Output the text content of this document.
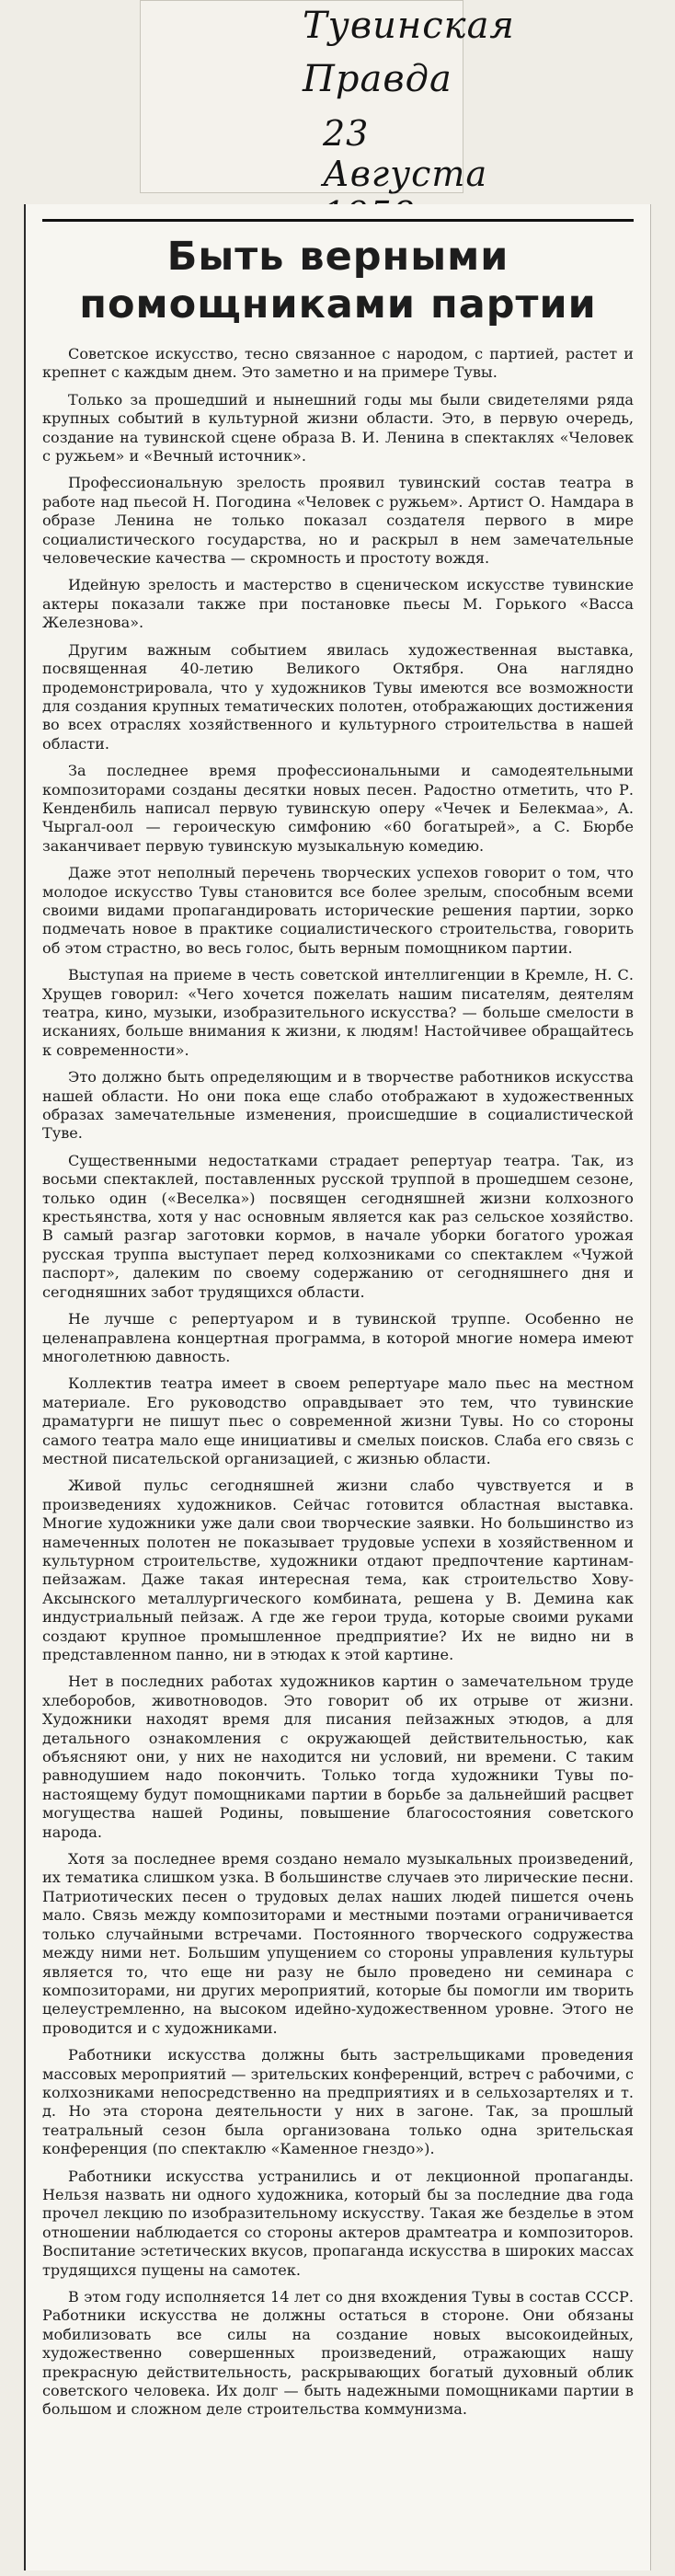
Тувинская
Правда
23 Августа
Быть верными
помощниками партии

Советское искусство, тесно связанное с народом, с партией, растет и крепнет с каждым днем. Это заметно и на примере Тувы.

Только за прошедший и нынешний годы мы были свидетелями ряда крупных событий в культурной жизни области. Это, в первую очередь, создание на тувинской сцене образа В. И. Ленина в спектаклях «Человек с ружьем» и «Вечный источник».

Профессиональную зрелость проявил тувинский состав театра в работе над пьесой Н. Погодина «Человек с ружьем». Артист О. Намдара в образе Ленина не только показал создателя первого в мире социалистического государства, но и раскрыл в нем замечательные человеческие качества — скромность и простоту вождя.

Идейную зрелость и мастерство в сценическом искусстве тувинские актеры показали также при постановке пьесы М. Горького «Васса Железнова».

Другим важным событием явилась художественная выставка, посвященная 40-летию Великого Октября. Она наглядно продемонстрировала, что у художников Тувы имеются все возможности для создания крупных тематических полотен, отображающих достижения во всех отраслях хозяйственного и культурного строительства в нашей области.

За последнее время профессиональными и самодеятельными композиторами созданы десятки новых песен. Радостно отметить, что Р. Кенденбиль написал первую тувинскую оперу «Чечек и Белекмаа», А. Чыргал-оол — героическую симфонию «60 богатырей», а С. Бюрбе заканчивает первую тувинскую музыкальную комедию.

Даже этот неполный перечень творческих успехов говорит о том, что молодое искусство Тувы становится все более зрелым, способным всеми своими видами пропагандировать исторические решения партии, зорко подмечать новое в практике социалистического строительства, говорить об этом страстно, во весь голос, быть верным помощником партии.

Выступая на приеме в честь советской интеллигенции в Кремле, Н. С. Хрущев говорил: «Чего хочется пожелать нашим писателям, деятелям театра, кино, музыки, изобразительного искусства? — больше смелости в исканиях, больше внимания к жизни, к людям! Настойчивее обращайтесь к современности».

Это должно быть определяющим и в творчестве работников искусства нашей области. Но они пока еще слабо отображают в художественных образах замечательные изменения, происшедшие в социалистической Туве.

Существенными недостатками страдает репертуар театра. Так, из восьми спектаклей, поставленных русской труппой в прошедшем сезоне, только один («Веселка») посвящен сегодняшней жизни колхозного крестьянства, хотя у нас основным является как раз сельское хозяйство. В самый разгар заготовки кормов, в начале уборки богатого урожая русская труппа выступает перед колхозниками со спектаклем «Чужой паспорт», далеким по своему содержанию от сегодняшнего дня и сегодняшних забот трудящихся области.

Не лучше с репертуаром и в тувинской труппе. Особенно не целенаправлена концертная программа, в которой многие номера имеют многолетнюю давность.

Коллектив театра имеет в своем репертуаре мало пьес на местном материале. Его руководство оправдывает это тем, что тувинские драматурги не пишут пьес о современной жизни Тувы. Но со стороны самого театра мало еще инициативы и смелых поисков. Слаба его связь с местной писательской организацией, с жизнью области.

Живой пульс сегодняшней жизни слабо чувствуется и в произведениях художников. Сейчас готовится областная выставка. Многие художники уже дали свои творческие заявки. Но большинство из намеченных полотен не показывает трудовые успехи в хозяйственном и культурном строительстве, художники отдают предпочтение картинам-пейзажам. Даже такая интересная тема, как строительство Хову-Аксынского металлургического комбината, решена у В. Демина как индустриальный пейзаж. А где же герои труда, которые своими руками создают крупное промышленное предприятие? Их не видно ни в представленном панно, ни в этюдах к этой картине.

Нет в последних работах художников картин о замечательном труде хлеборобов, животноводов. Это говорит об их отрыве от жизни. Художники находят время для писания пейзажных этюдов, а для детального ознакомления с окружающей действительностью, как объясняют они, у них не находится ни условий, ни времени. С таким равнодушием надо покончить. Только тогда художники Тувы по-настоящему будут помощниками партии в борьбе за дальнейший расцвет могущества нашей Родины, повышение благосостояния советского народа.

Хотя за последнее время создано немало музыкальных произведений, их тематика слишком узка. В большинстве случаев это лирические песни. Патриотических песен о трудовых делах наших людей пишется очень мало. Связь между композиторами и местными поэтами ограничивается только случайными встречами. Постоянного творческого содружества между ними нет. Большим упущением со стороны управления культуры является то, что еще ни разу не было проведено ни семинара с композиторами, ни других мероприятий, которые бы помогли им творить целеустремленно, на высоком идейно-художественном уровне. Этого не проводится и с художниками.

Работники искусства должны быть застрельщиками проведения массовых мероприятий — зрительских конференций, встреч с рабочими, с колхозниками непосредственно на предприятиях и в сельхозартелях и т. д. Но эта сторона деятельности у них в загоне. Так, за прошлый театральный сезон была организована только одна зрительская конференция (по спектаклю «Каменное гнездо»).

Работники искусства устранились и от лекционной пропаганды. Нельзя назвать ни одного художника, который бы за последние два года прочел лекцию по изобразительному искусству. Такая же безделье в этом отношении наблюдается со стороны актеров драмтеатра и композиторов. Воспитание эстетических вкусов, пропаганда искусства в широких массах трудящихся пущены на самотек.

В этом году исполняется 14 лет со дня вхождения Тувы в состав СССР. Работники искусства не должны остаться в стороне. Они обязаны мобилизовать все силы на создание новых высокоидейных, художественно совершенных произведений, отражающих нашу прекрасную действительность, раскрывающих богатый духовный облик советского человека. Их долг — быть надежными помощниками партии в большом и сложном деле строительства коммунизма.
